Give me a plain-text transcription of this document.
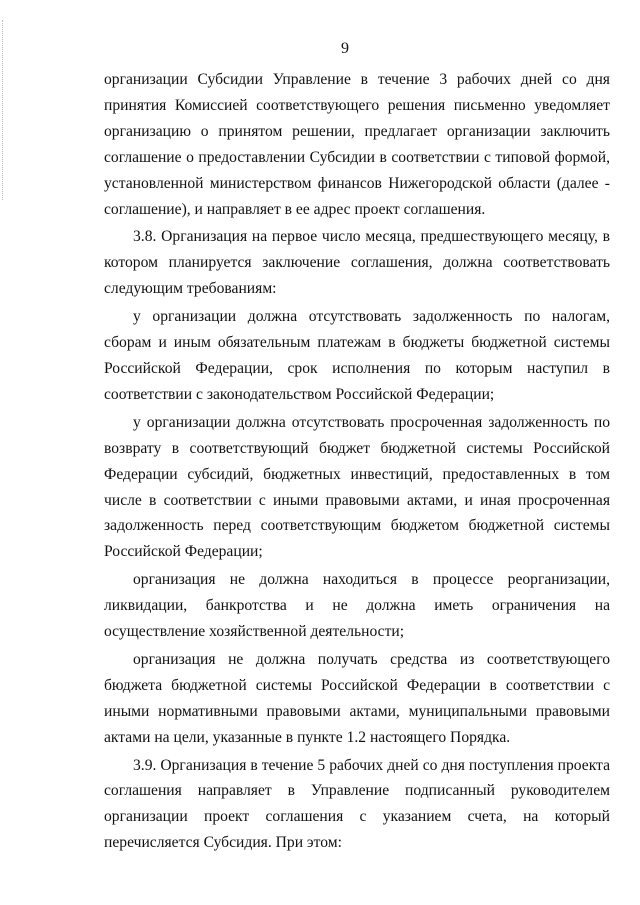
9

организации Субсидии Управление в течение 3 рабочих дней со дня принятия Комиссией соответствующего решения письменно уведомляет организацию о принятом решении, предлагает организации заключить соглашение о предоставлении Субсидии в соответствии с типовой формой, установленной министерством финансов Нижегородской области (далее - соглашение), и направляет в ее адрес проект соглашения.

3.8. Организация на первое число месяца, предшествующего месяцу, в котором планируется заключение соглашения, должна соответствовать следующим требованиям:

у организации должна отсутствовать задолженность по налогам, сборам и иным обязательным платежам в бюджеты бюджетной системы Российской Федерации, срок исполнения по которым наступил в соответствии с законодательством Российской Федерации;

у организации должна отсутствовать просроченная задолженность по возврату в соответствующий бюджет бюджетной системы Российской Федерации субсидий, бюджетных инвестиций, предоставленных в том числе в соответствии с иными правовыми актами, и иная просроченная задолженность перед соответствующим бюджетом бюджетной системы Российской Федерации;

организация не должна находиться в процессе реорганизации, ликвидации, банкротства и не должна иметь ограничения на осуществление хозяйственной деятельности;

организация не должна получать средства из соответствующего бюджета бюджетной системы Российской Федерации в соответствии с иными нормативными правовыми актами, муниципальными правовыми актами на цели, указанные в пункте 1.2 настоящего Порядка.

3.9. Организация в течение 5 рабочих дней со дня поступления проекта соглашения направляет в Управление подписанный руководителем организации проект соглашения с указанием счета, на который перечисляется Субсидия. При этом:
